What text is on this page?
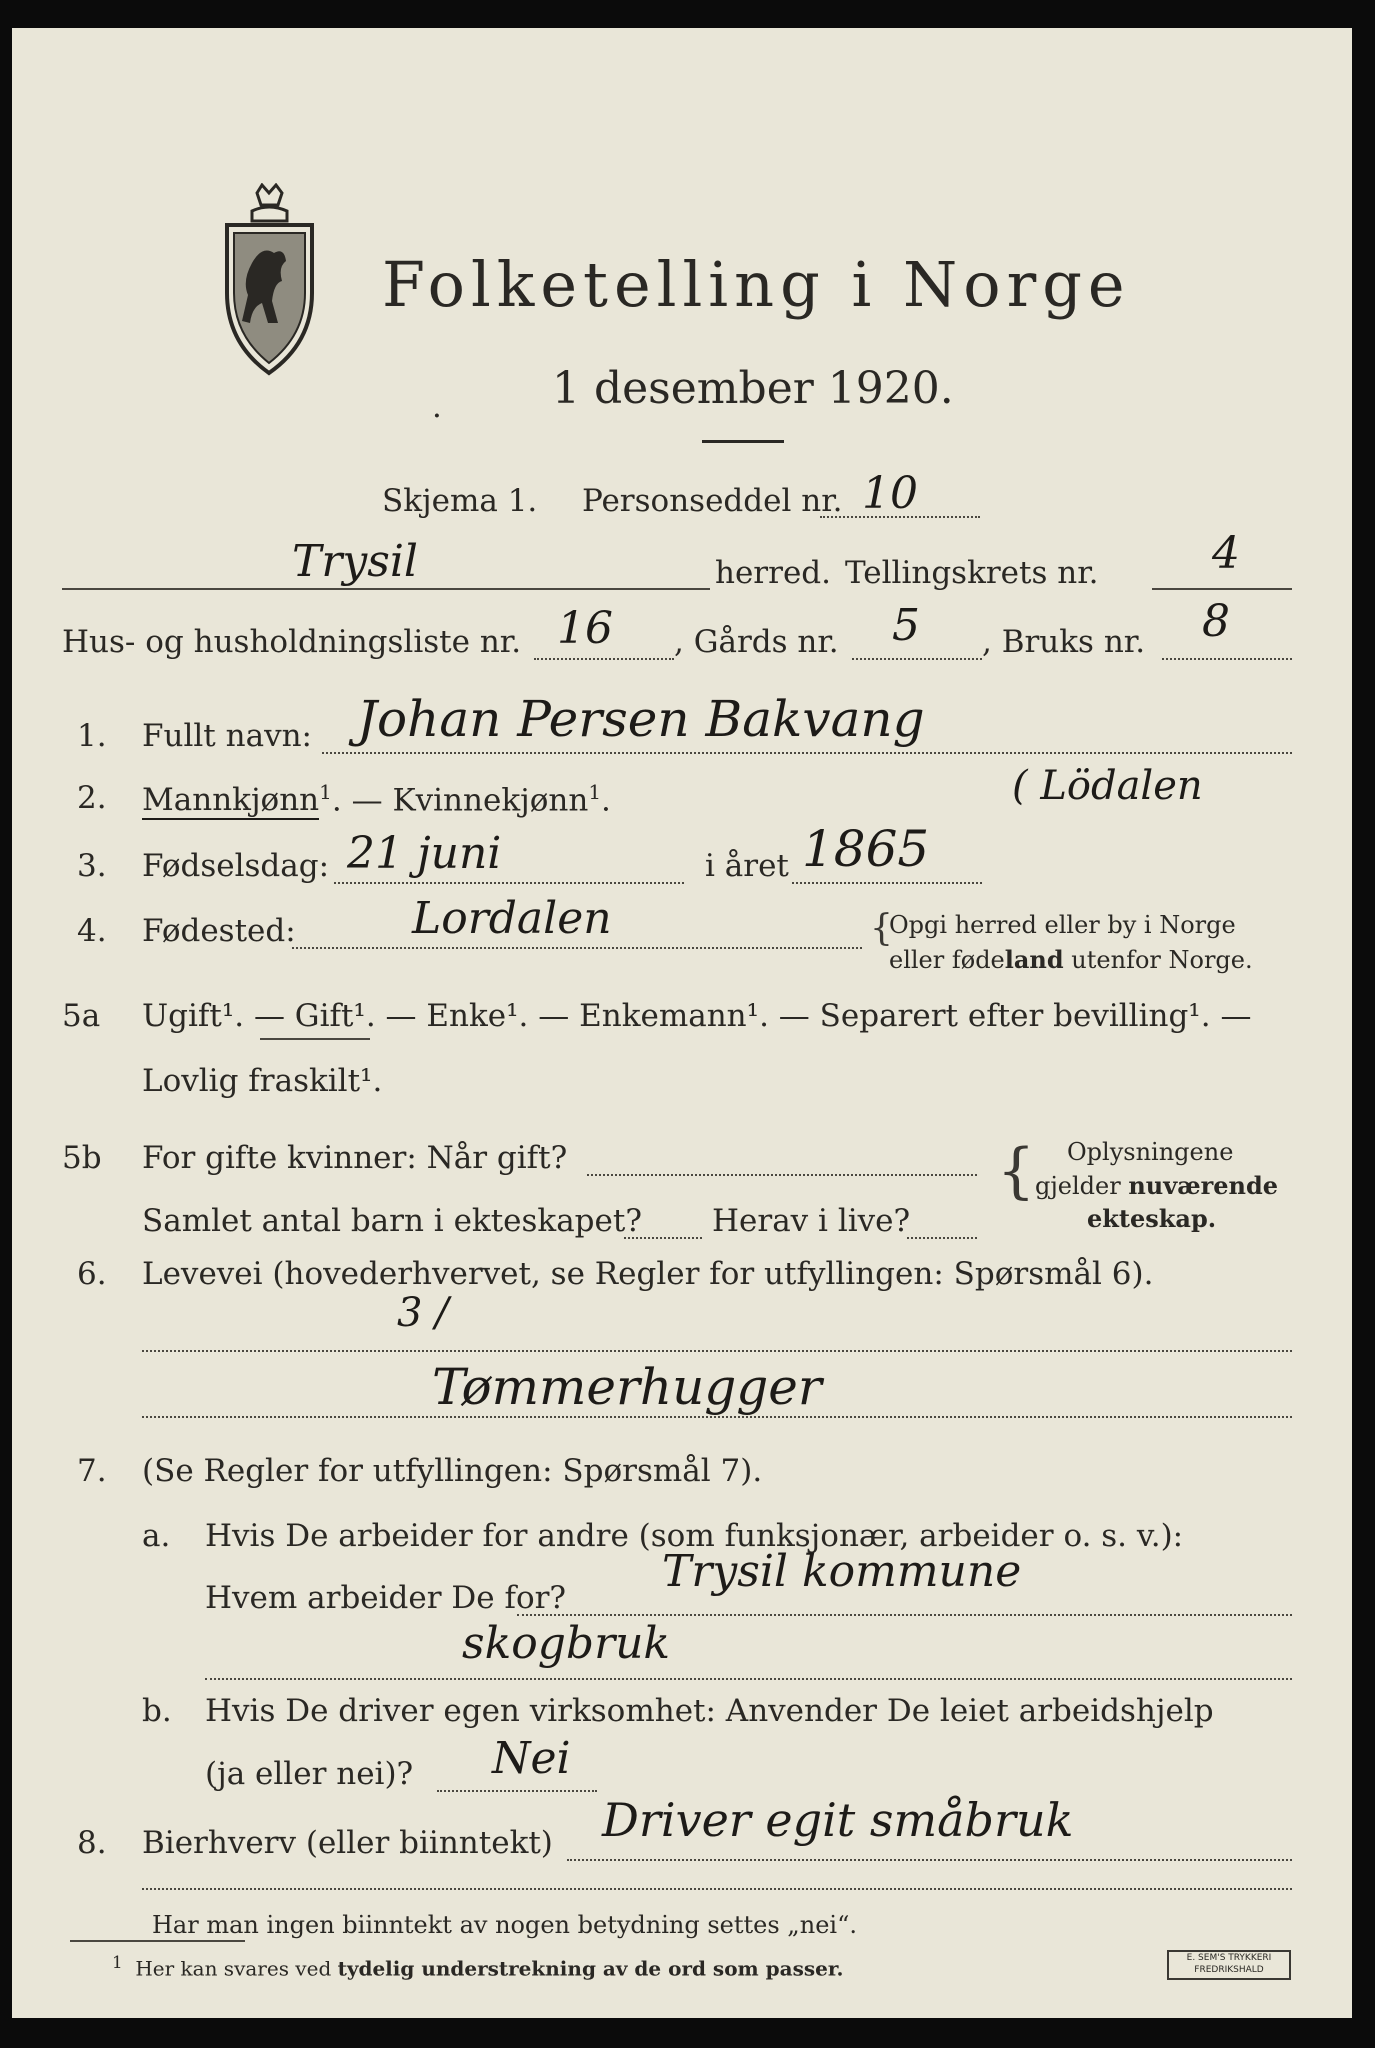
Folketelling i Norge
1 desember 1920.
·
Skjema 1. Personseddel nr. 10
Trysil	herred. Tellingskrets nr.	4
Hus- og husholdningsliste nr. 16 , Gårds nr. 5 , Bruks nr. 8
1. Fullt navn: Johan Persen Bakvang
2. Mannkjønn$^1$. — Kvinnekjønn$^1$.	( Lödalen
3. Fødselsdag: 21 juni	i året 1865
4. Fødested:	Lordalen	{
Opgi herred eller by i Norge
eller fødeland utenfor Norge.
5a Ugift¹. — Gift¹. — Enke¹. — Enkemann¹. — Separert efter bevilling¹. —
Lovlig fraskilt¹.
5b For gifte kvinner: Når gift?
Samlet antal barn i ekteskapet? Herav i live?
{ Oplysningene
gjelder nuværende
ekteskap.
6. Levevei (hovederhvervet, se Regler for utfyllingen: Spørsmål 6).
3 /
Tømmerhugger
7. (Se Regler for utfyllingen: Spørsmål 7).
a. Hvis De arbeider for andre (som funksjonær, arbeider o. s. v.):
Hvem arbeider De for?
Trysil kommune
skogbruk
b. Hvis De driver egen virksomhet: Anvender De leiet arbeidshjelp
(ja eller nei)? Nei
8. Bierhverv (eller biinntekt) Driver egit småbruk
Har man ingen biinntekt av nogen betydning settes „nei“.
$^1$ Her kan svares ved tydelig understrekning av de ord som passer.	E. SEM'S TRYKKERI
FREDRIKSHALD
